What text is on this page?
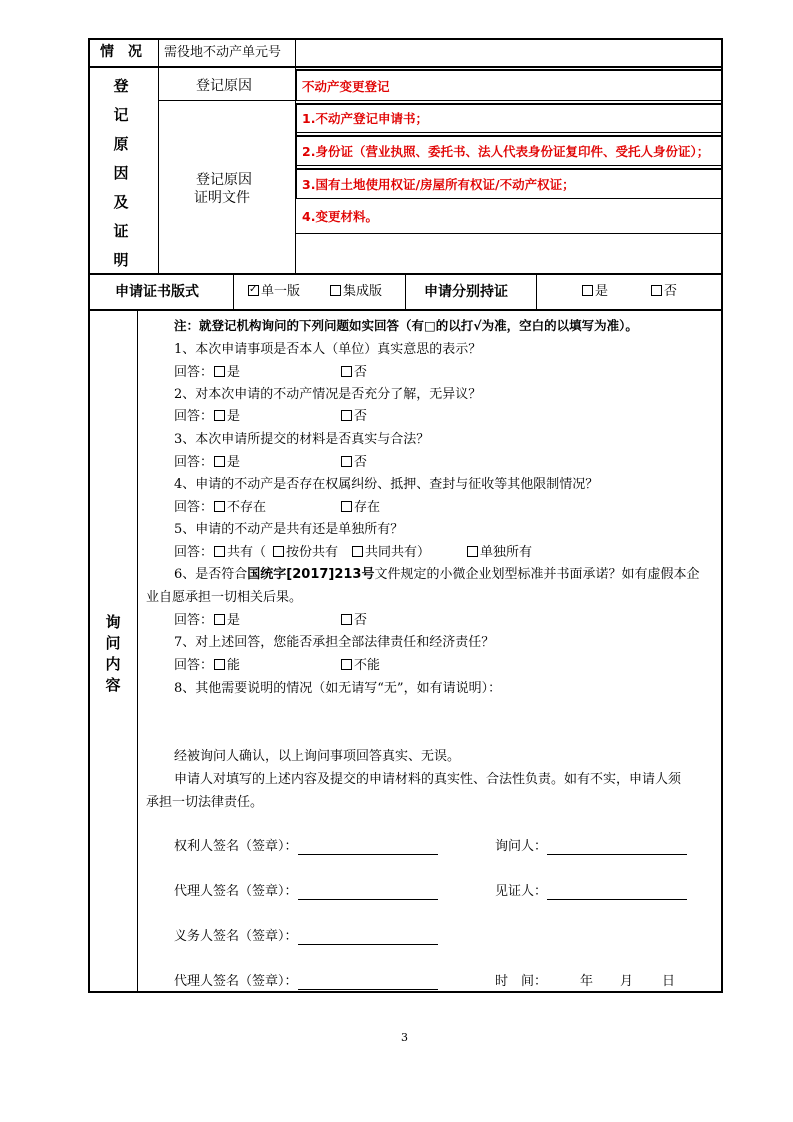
情　况 需役地不动产单元号
登
记
原
因
及
证
明
登记原因	不动产变更登记
登记原因
证明文件
1.不动产登记申请书；
2.身份证（营业执照、委托书、法人代表身份证复印件、受托人身份证）；
3.国有土地使用权证/房屋所有权证/不动产权证；
4.变更材料。
申请证书版式
✓	单一版	集成版	申请分别持证	是	否
询
问
内
容
注：就登记机构询问的下列问题如实回答（有□的以打√为准，空白的以填写为准）。
1、本次申请事项是否本人（单位）真实意思的表示？
回答：	是	否
2、对本次申请的不动产情况是否充分了解，无异议？
回答：	是	否
3、本次申请所提交的材料是否真实与合法？
回答：	是	否
4、申请的不动产是否存在权属纠纷、抵押、查封与征收等其他限制情况？
回答：	不存在	存在
5、申请的不动产是共有还是单独所有？
回答：	共有（	按份共有	共同共有）	单独所有
6、是否符合国统字[2017]213号文件规定的小微企业划型标准并书面承诺？如有虚假本企
业自愿承担一切相关后果。
回答：	是	否
7、对上述回答，您能否承担全部法律责任和经济责任？
回答：	能	不能
8、其他需要说明的情况（如无请写“无”，如有请说明）：
经被询问人确认，以上询问事项回答真实、无误。
申请人对填写的上述内容及提交的申请材料的真实性、合法性负责。如有不实，申请人须
承担一切法律责任。
权利人签名（签章）：	询问人：
代理人签名（签章）：	见证人：
义务人签名（签章）：
代理人签名（签章）：	时　间：	年 月 日
3
